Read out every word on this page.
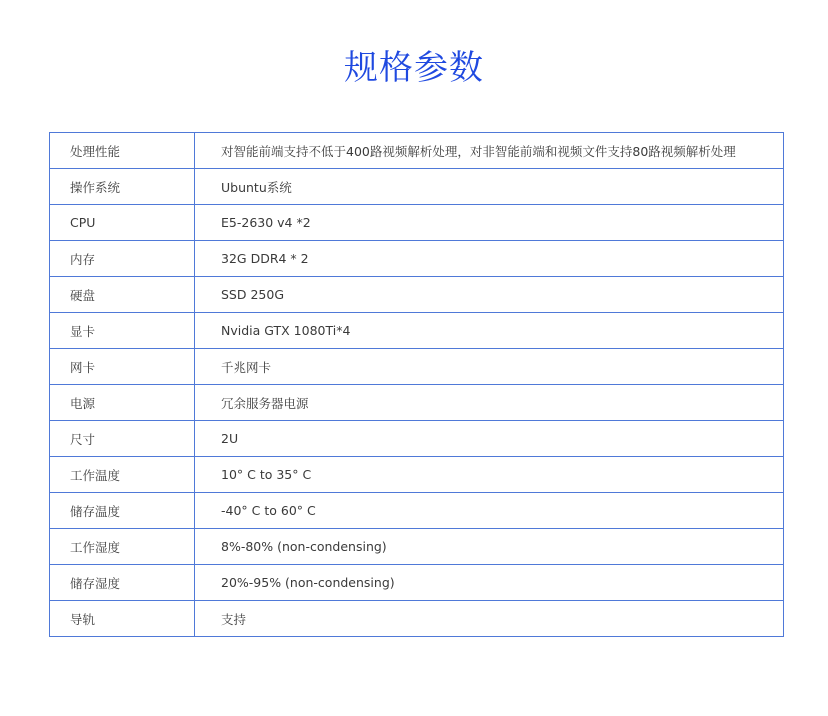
规格参数
处理性能	对智能前端支持不低于400路视频解析处理，对非智能前端和视频文件支持80路视频解析处理
操作系统	Ubuntu系统
CPU	E5-2630 v4 *2
内存	32G DDR4 * 2
硬盘	SSD 250G
显卡	Nvidia GTX 1080Ti*4
网卡	千兆网卡
电源	冗余服务器电源
尺寸	2U
工作温度	10° C to 35° C
储存温度	-40° C to 60° C
工作湿度	8%-80% (non-condensing)
储存湿度	20%-95% (non-condensing)
导轨	支持
